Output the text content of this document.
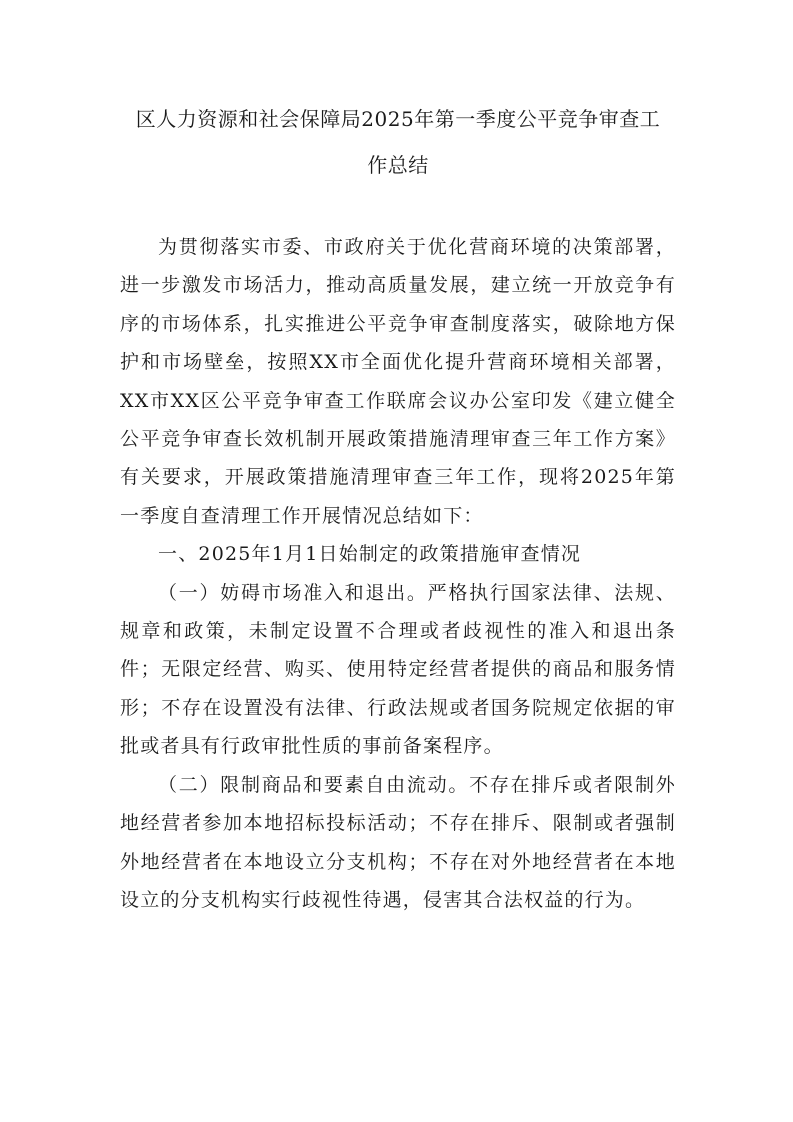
区人力资源和社会保障局2025年第一季度公平竞争审查工
作总结

为贯彻落实市委、市政府关于优化营商环境的决策部署，进一步激发市场活力，推动高质量发展，建立统一开放竞争有序的市场体系，扎实推进公平竞争审查制度落实，破除地方保护和市场壁垒，按照XX市全面优化提升营商环境相关部署，XX市XX区公平竞争审查工作联席会议办公室印发《建立健全公平竞争审查长效机制开展政策措施清理审查三年工作方案》有关要求，开展政策措施清理审查三年工作，现将2025年第一季度自查清理工作开展情况总结如下：

一、2025年1月1日始制定的政策措施审查情况

（一）妨碍市场准入和退出。严格执行国家法律、法规、规章和政策，未制定设置不合理或者歧视性的准入和退出条件；无限定经营、购买、使用特定经营者提供的商品和服务情形；不存在设置没有法律、行政法规或者国务院规定依据的审批或者具有行政审批性质的事前备案程序。

（二）限制商品和要素自由流动。不存在排斥或者限制外地经营者参加本地招标投标活动；不存在排斥、限制或者强制外地经营者在本地设立分支机构；不存在对外地经营者在本地设立的分支机构实行歧视性待遇，侵害其合法权益的行为。
